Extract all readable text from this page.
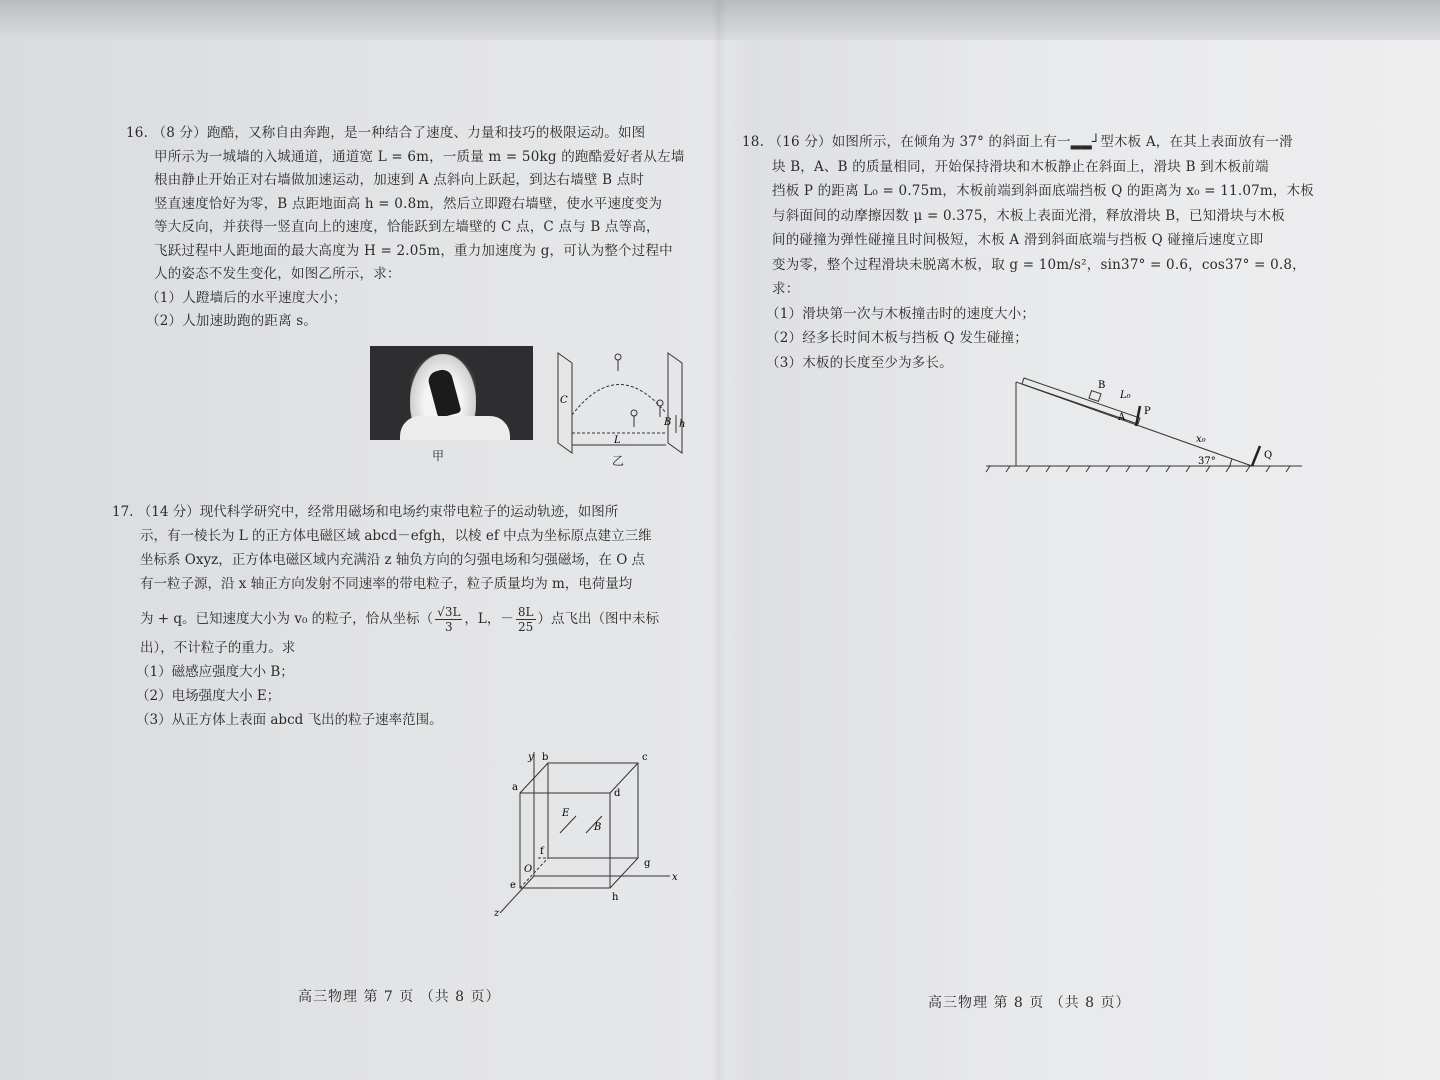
16. （8 分）跑酷，又称自由奔跑，是一种结合了速度、力量和技巧的极限运动。如图
甲所示为一城墙的入城通道，通道宽 L = 6m，一质量 m = 50kg 的跑酷爱好者从左墙
根由静止开始正对右墙做加速运动，加速到 A 点斜向上跃起，到达右墙壁 B 点时
竖直速度恰好为零，B 点距地面高 h = 0.8m，然后立即蹬右墙壁，使水平速度变为
等大反向，并获得一竖直向上的速度，恰能跃到左墙壁的 C 点，C 点与 B 点等高，
飞跃过程中人距地面的最大高度为 H = 2.05m，重力加速度为 g，可认为整个过程中
人的姿态不发生变化，如图乙所示，求：
（1）人蹬墙后的水平速度大小；
（2）人加速助跑的距离 s。
甲
C
B h
L
乙
17. （14 分）现代科学研究中，经常用磁场和电场约束带电粒子的运动轨迹，如图所
示，有一棱长为 L 的正方体电磁区域 abcd－efgh，以棱 ef 中点为坐标原点建立三维
坐标系 Oxyz，正方体电磁区域内充满沿 z 轴负方向的匀强电场和匀强磁场，在 O 点
有一粒子源，沿 x 轴正方向发射不同速率的带电粒子，粒子质量均为 m，电荷量均
为 + q。已知速度大小为 v₀ 的粒子，恰从坐标（ $\frac{√3L}{3}$ ，L，－ $\frac{8L}{25}$ ）点飞出（图中未标
出），不计粒子的重力。求
（1）磁感应强度大小 B；
（2）电场强度大小 E；
（3）从正方体上表面 abcd 飞出的粒子速率范围。
y b	c
a
d
E
B
f
O
g
x
e
h
z
18. （16 分）如图所示，在倾角为 37° 的斜面上有一▂▂┘型木板 A，在其上表面放有一滑
块 B，A、B 的质量相同，开始保持滑块和木板静止在斜面上，滑块 B 到木板前端
挡板 P 的距离 L₀ = 0.75m，木板前端到斜面底端挡板 Q 的距离为 x₀ = 11.07m，木板
与斜面间的动摩擦因数 μ = 0.375，木板上表面光滑，释放滑块 B，已知滑块与木板
间的碰撞为弹性碰撞且时间极短，木板 A 滑到斜面底端与挡板 Q 碰撞后速度立即
变为零，整个过程滑块未脱离木板，取 g = 10m/s²，sin37° = 0.6，cos37° = 0.8，
求：
（1）滑块第一次与木板撞击时的速度大小；
（2）经多长时间木板与挡板 Q 发生碰撞；
（3）木板的长度至少为多长。
B
L₀
A
P
x₀
37°
Q
高三物理 第 7 页 （共 8 页）	高三物理 第 8 页 （共 8 页）
